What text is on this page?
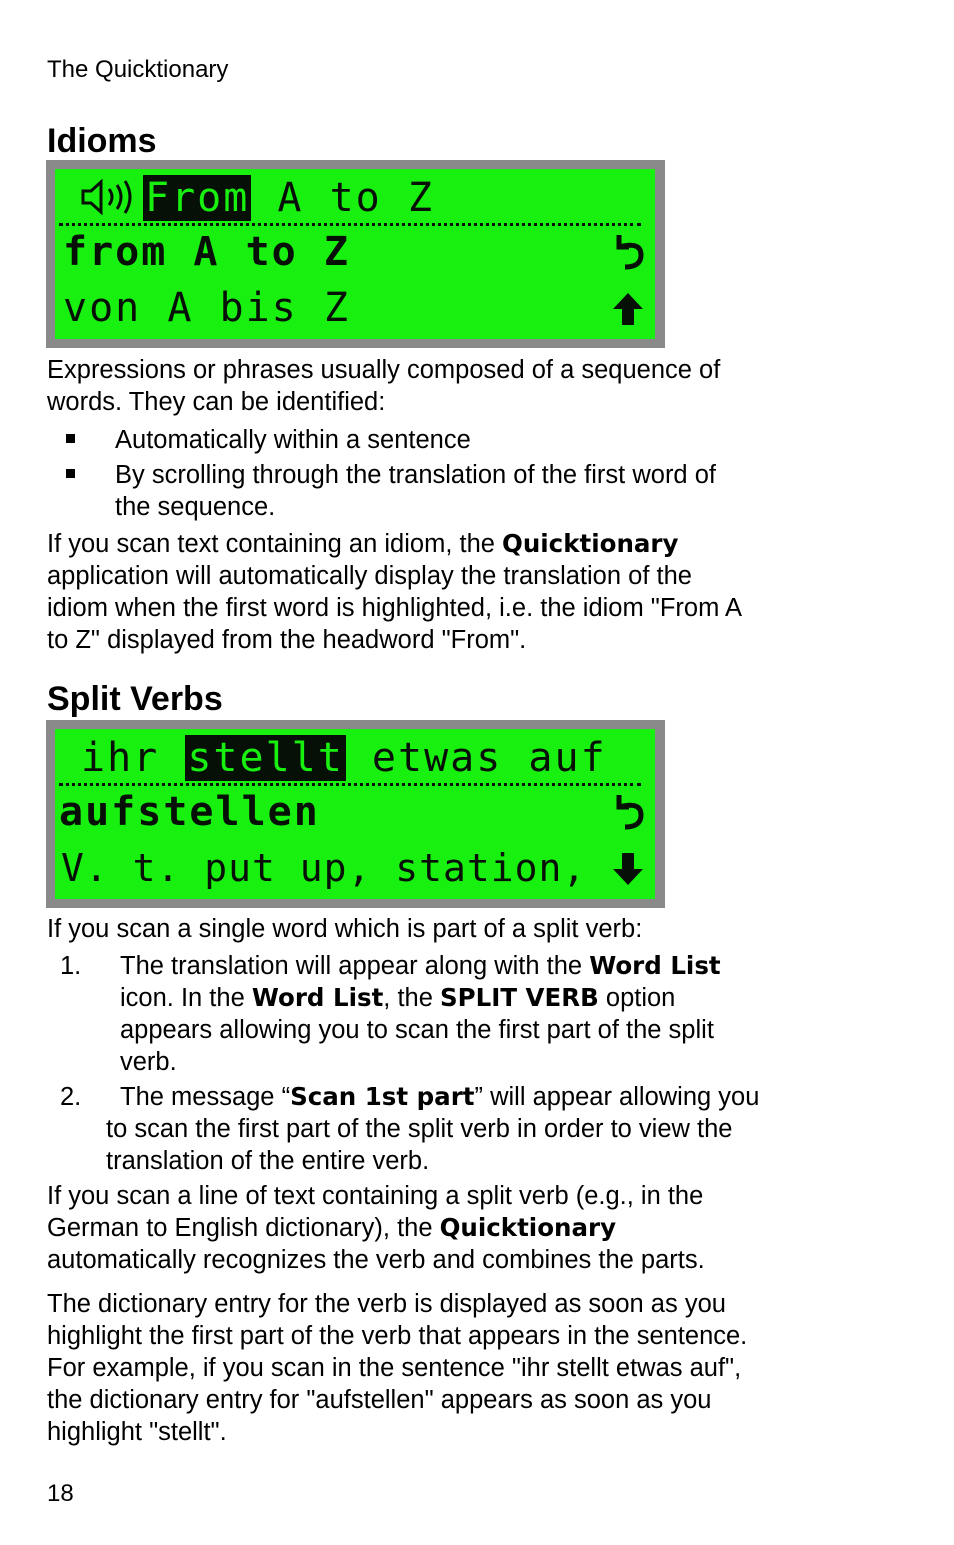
The Quicktionary
Idioms
From A to Z
from A to Z
von A bis Z
Expressions or phrases usually composed of a sequence of
words. They can be identified:
Automatically within a sentence
By scrolling through the translation of the first word of
the sequence.
If you scan text containing an idiom, the Quicktionary
application will automatically display the translation of the
idiom when the first word is highlighted, i.e. the idiom "From A
to Z" displayed from the headword "From".
Split Verbs
ihr stellt etwas auf
aufstellen
V. t. put up, station,
If you scan a single word which is part of a split verb:
1. The translation will appear along with the Word List
icon. In the Word List, the SPLIT VERB option
appears allowing you to scan the first part of the split
verb.
2. The message “Scan 1st part” will appear allowing you
to scan the first part of the split verb in order to view the
translation of the entire verb.
If you scan a line of text containing a split verb (e.g., in the
German to English dictionary), the Quicktionary
automatically recognizes the verb and combines the parts.
The dictionary entry for the verb is displayed as soon as you
highlight the first part of the verb that appears in the sentence.
For example, if you scan in the sentence "ihr stellt etwas auf",
the dictionary entry for "aufstellen" appears as soon as you
highlight "stellt".
18
